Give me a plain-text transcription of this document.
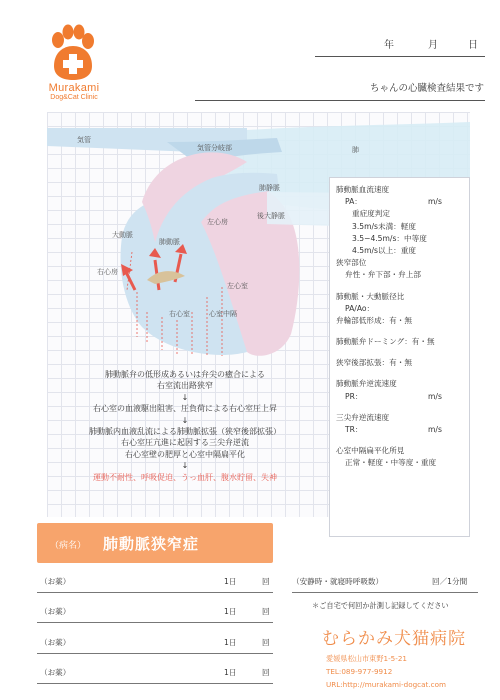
Murakami
Dog&Cat Clinic
年	月	日
ちゃんの心臓検査結果です
気管
気管分岐部	肺
肺静脈
大動脈
左心房
後大静脈
肺動脈
右心房
左心室
右心室	心室中隔
肺動脈血流速度
PA：	m/s
重症度判定
3.5m/s未満：軽度
3.5−4.5m/s：中等度
4.5m/s以上：重度
狭窄部位
弁性・弁下部・弁上部
肺動脈・大動脈径比
PA/Ao：
弁輪部低形成：有・無
肺動脈弁ドーミング：有・無
狭窄後部拡張：有・無
肺動脈弁逆流速度
PR：	m/s
三尖弁逆流速度
TR：	m/s
心室中隔扁平化所見
正常・軽度・中等度・重度
肺動脈弁の低形成あるいは弁尖の癒合による
右室流出路狭窄
↓
右心室の血液駆出阻害、圧負荷による右心室圧上昇
↓
肺動脈内血液乱流による肺動脈拡張（狭窄後部拡張）
右心室圧亢進に起因する三尖弁逆流
右心室壁の肥厚と心室中隔扁平化
↓
運動不耐性、呼吸促迫、うっ血肝、腹水貯留、失神
（病名） 肺動脈狭窄症
（お薬）	1日	回
（お薬）	1日	回
（お薬）	1日	回
（お薬）	1日	回
（安静時・就寝時呼吸数）	回／1分間
＊ご自宅で何回か計測し記録してください
むらかみ犬猫病院
愛媛県松山市東野1-5-21
TEL:089-977-9912
URL:http://murakami-dogcat.com
